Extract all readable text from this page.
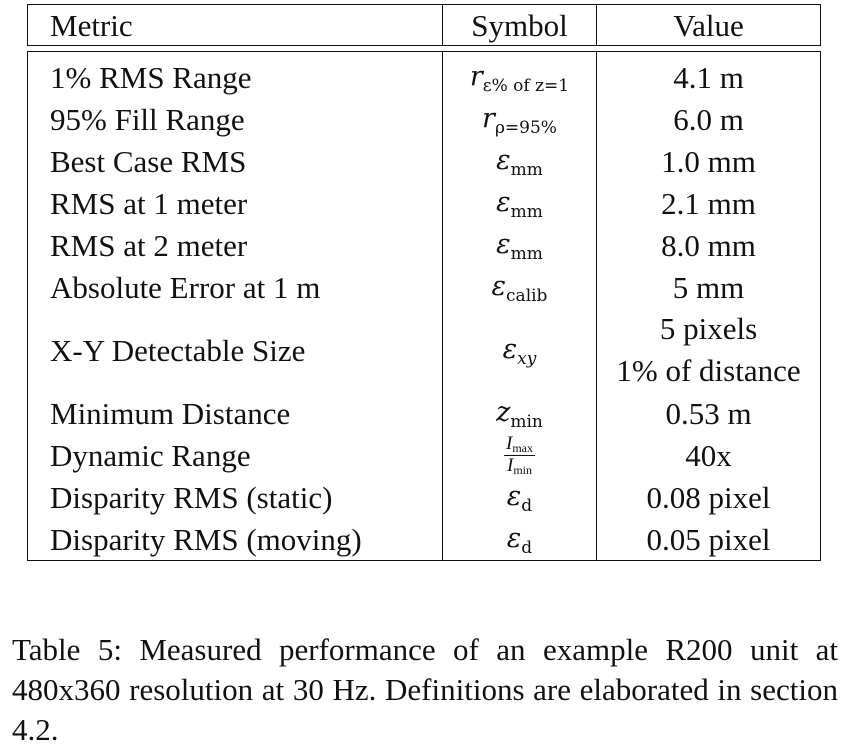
Metric	Symbol	Value

1% RMS Range	$r_{\varepsilon\% of z=1}$	4.1 m
95% Fill Range	$r_{\rho=95\%}$	6.0 m
Best Case RMS	$\varepsilon_{mm}$	1.0 mm
RMS at 1 meter	$\varepsilon_{mm}$	2.1 mm
RMS at 2 meter	$\varepsilon_{mm}$	8.0 mm
Absolute Error at 1 m	$\varepsilon_{calib}$	5 mm
X-Y Detectable Size	$\varepsilon_{xy}$	5 pixels
1% of distance

Minimum Distance	$z_{min}$	0.53 m
Dynamic Range	$\frac{I_{max}}{I_{min}}$	40x
Disparity RMS (static)	$\varepsilon_d$	0.08 pixel
Disparity RMS (moving)	$\varepsilon_d$	0.05 pixel
Table 5: Measured performance of an example R200 unit at 480x360 resolution at 30 Hz. Definitions are elaborated in section 4.2.
